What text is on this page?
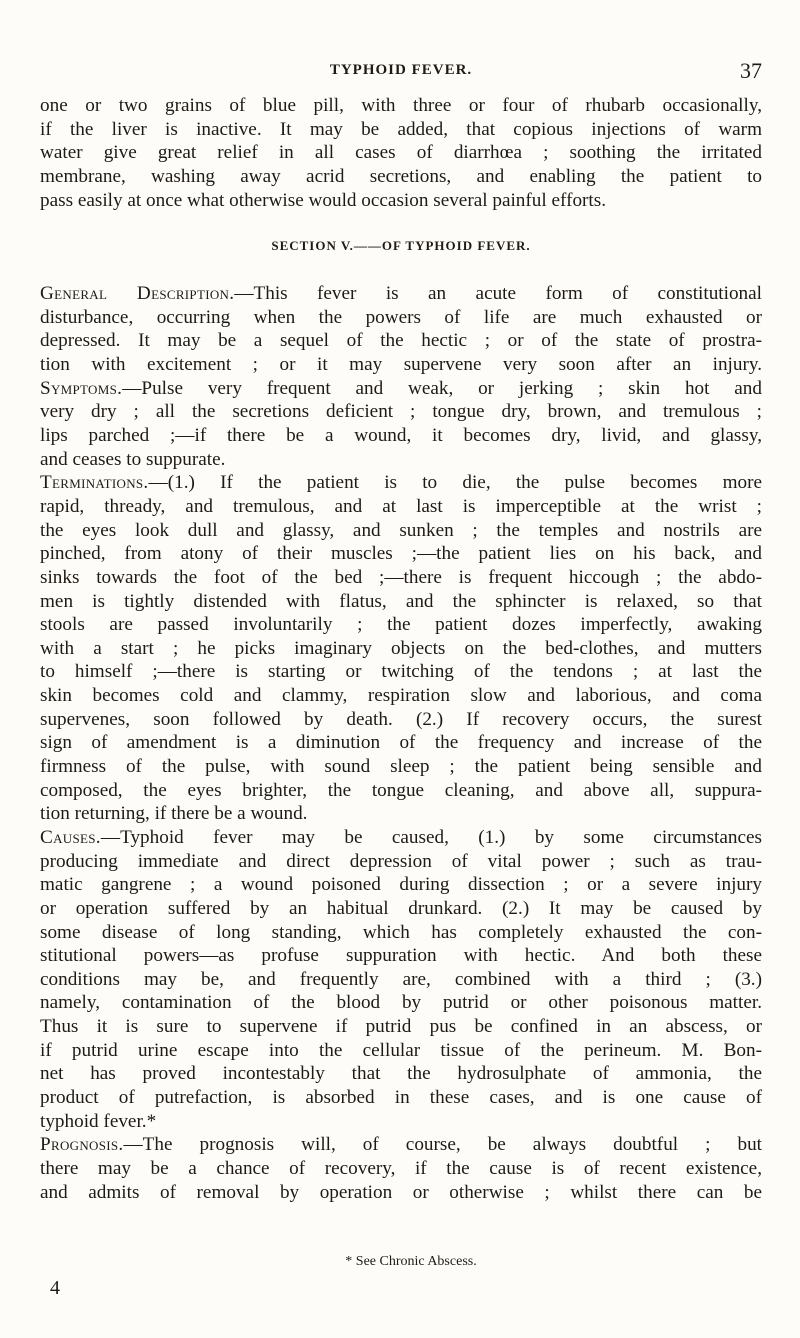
TYPHOID FEVER.	37
one or two grains of blue pill, with three or four of rhubarb occasionally,
if the liver is inactive. It may be added, that copious injections of warm
water give great relief in all cases of diarrhœa ; soothing the irritated
membrane, washing away acrid secretions, and enabling the patient to
pass easily at once what otherwise would occasion several painful efforts.
SECTION V.——OF TYPHOID FEVER.
General Description.—This fever is an acute form of constitutional
disturbance, occurring when the powers of life are much exhausted or
depressed. It may be a sequel of the hectic ; or of the state of prostra-
tion with excitement ; or it may supervene very soon after an injury.
Symptoms.—Pulse very frequent and weak, or jerking ; skin hot and
very dry ; all the secretions deficient ; tongue dry, brown, and tremulous ;
lips parched ;—if there be a wound, it becomes dry, livid, and glassy,
and ceases to suppurate.
Terminations.—(1.) If the patient is to die, the pulse becomes more
rapid, thready, and tremulous, and at last is imperceptible at the wrist ;
the eyes look dull and glassy, and sunken ; the temples and nostrils are
pinched, from atony of their muscles ;—the patient lies on his back, and
sinks towards the foot of the bed ;—there is frequent hiccough ; the abdo-
men is tightly distended with flatus, and the sphincter is relaxed, so that
stools are passed involuntarily ; the patient dozes imperfectly, awaking
with a start ; he picks imaginary objects on the bed-clothes, and mutters
to himself ;—there is starting or twitching of the tendons ; at last the
skin becomes cold and clammy, respiration slow and laborious, and coma
supervenes, soon followed by death. (2.) If recovery occurs, the surest
sign of amendment is a diminution of the frequency and increase of the
firmness of the pulse, with sound sleep ; the patient being sensible and
composed, the eyes brighter, the tongue cleaning, and above all, suppura-
tion returning, if there be a wound.
Causes.—Typhoid fever may be caused, (1.) by some circumstances
producing immediate and direct depression of vital power ; such as trau-
matic gangrene ; a wound poisoned during dissection ; or a severe injury
or operation suffered by an habitual drunkard. (2.) It may be caused by
some disease of long standing, which has completely exhausted the con-
stitutional powers—as profuse suppuration with hectic. And both these
conditions may be, and frequently are, combined with a third ; (3.)
namely, contamination of the blood by putrid or other poisonous matter.
Thus it is sure to supervene if putrid pus be confined in an abscess, or
if putrid urine escape into the cellular tissue of the perineum. M. Bon-
net has proved incontestably that the hydrosulphate of ammonia, the
product of putrefaction, is absorbed in these cases, and is one cause of
typhoid fever.*
Prognosis.—The prognosis will, of course, be always doubtful ; but
there may be a chance of recovery, if the cause is of recent existence,
and admits of removal by operation or otherwise ; whilst there can be
* See Chronic Abscess.
4
